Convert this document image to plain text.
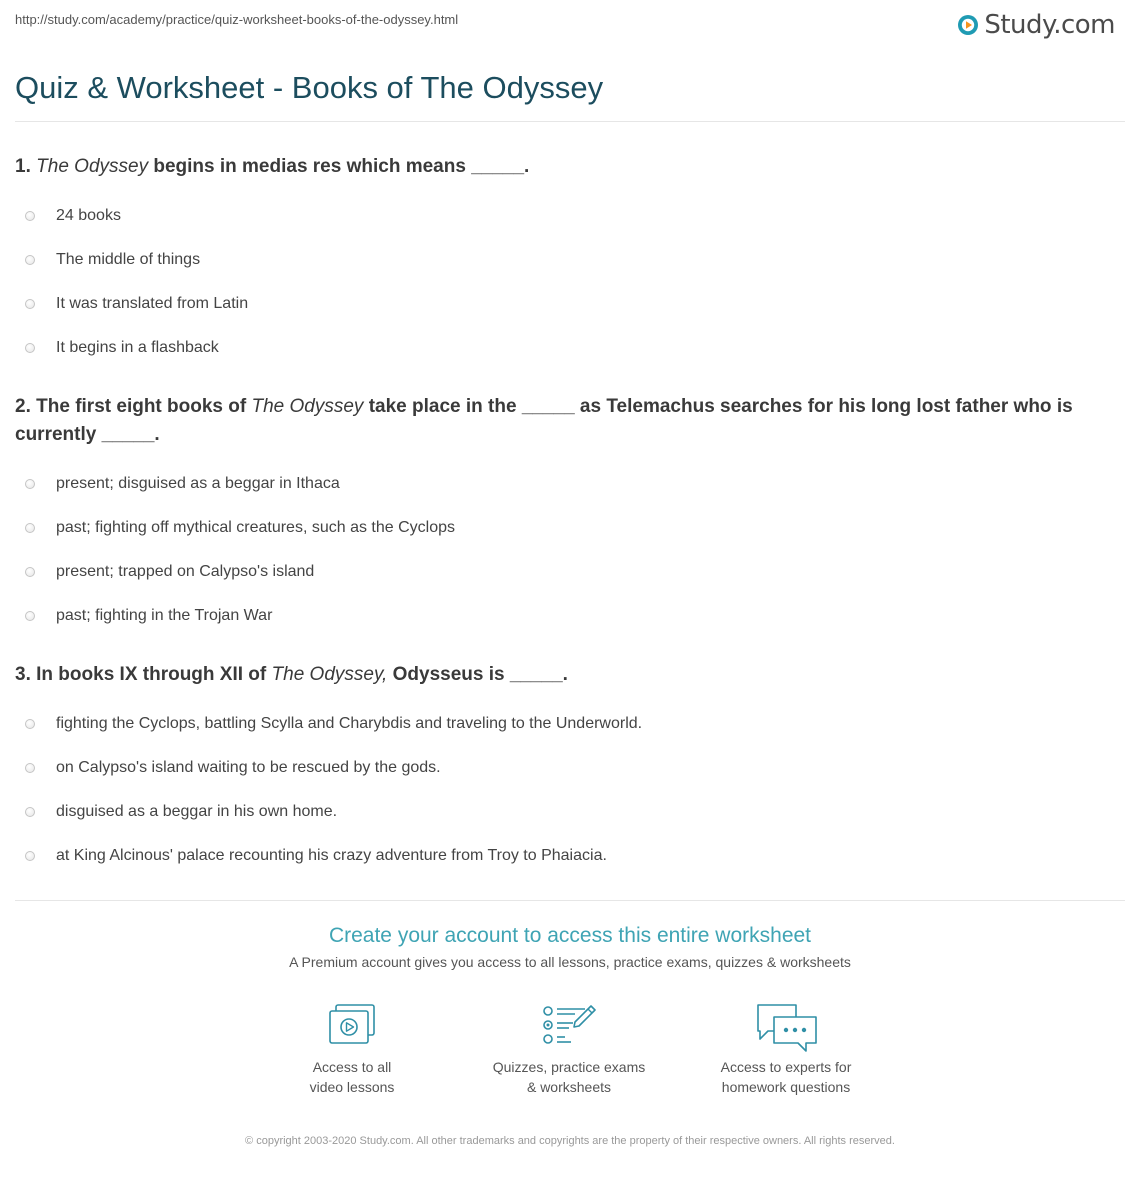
http://study.com/academy/practice/quiz-worksheet-books-of-the-odyssey.html	Study.com
Quiz & Worksheet - Books of The Odyssey
1. The Odyssey begins in medias res which means _____.
24 books
The middle of things
It was translated from Latin
It begins in a flashback
2. The first eight books of The Odyssey take place in the _____ as Telemachus searches for his long lost father who is currently _____.
present; disguised as a beggar in Ithaca
past; fighting off mythical creatures, such as the Cyclops
present; trapped on Calypso's island
past; fighting in the Trojan War
3. In books IX through XII of The Odyssey, Odysseus is _____.
fighting the Cyclops, battling Scylla and Charybdis and traveling to the Underworld.
on Calypso's island waiting to be rescued by the gods.
disguised as a beggar in his own home.
at King Alcinous' palace recounting his crazy adventure from Troy to Phaiacia.
Create your account to access this entire worksheet
A Premium account gives you access to all lessons, practice exams, quizzes & worksheets
Access to all
video lessons
Quizzes, practice exams
& worksheets
Access to experts for
homework questions
© copyright 2003-2020 Study.com. All other trademarks and copyrights are the property of their respective owners. All rights reserved.
